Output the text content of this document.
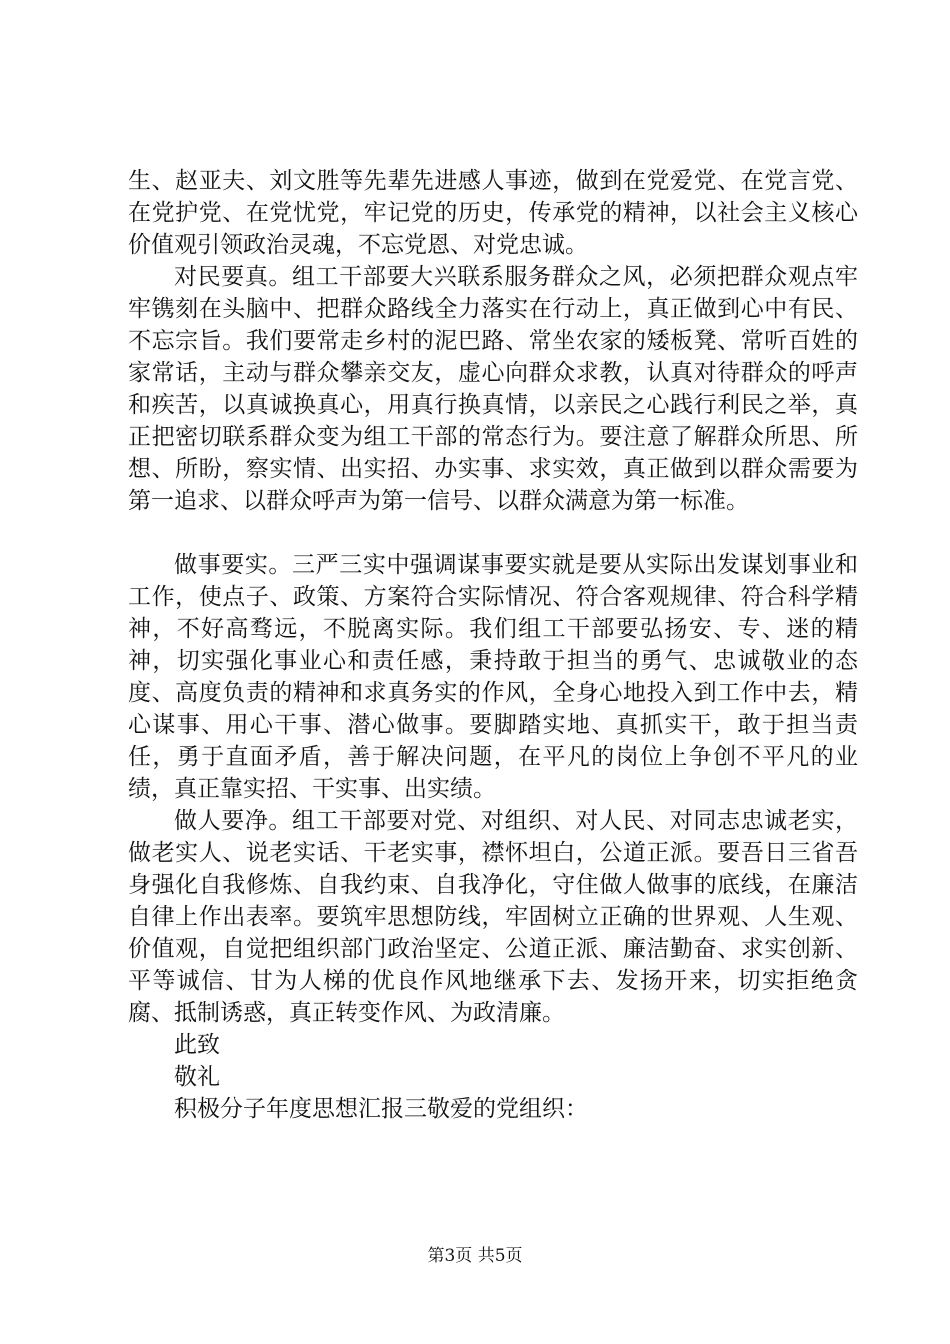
生、赵亚夫、刘文胜等先辈先进感人事迹，做到在党爱党、在党言党、在党护党、在党忧党，牢记党的历史，传承党的精神，以社会主义核心价值观引领政治灵魂，不忘党恩、对党忠诚。

对民要真。组工干部要大兴联系服务群众之风，必须把群众观点牢牢镌刻在头脑中、把群众路线全力落实在行动上，真正做到心中有民、不忘宗旨。我们要常走乡村的泥巴路、常坐农家的矮板凳、常听百姓的家常话，主动与群众攀亲交友，虚心向群众求教，认真对待群众的呼声和疾苦，以真诚换真心，用真行换真情，以亲民之心践行利民之举，真正把密切联系群众变为组工干部的常态行为。要注意了解群众所思、所想、所盼，察实情、出实招、办实事、求实效，真正做到以群众需要为第一追求、以群众呼声为第一信号、以群众满意为第一标准。

做事要实。三严三实中强调谋事要实就是要从实际出发谋划事业和工作，使点子、政策、方案符合实际情况、符合客观规律、符合科学精神，不好高骛远，不脱离实际。我们组工干部要弘扬安、专、迷的精神，切实强化事业心和责任感，秉持敢于担当的勇气、忠诚敬业的态度、高度负责的精神和求真务实的作风，全身心地投入到工作中去，精心谋事、用心干事、潜心做事。要脚踏实地、真抓实干，敢于担当责任，勇于直面矛盾，善于解决问题，在平凡的岗位上争创不平凡的业绩，真正靠实招、干实事、出实绩。

做人要净。组工干部要对党、对组织、对人民、对同志忠诚老实，做老实人、说老实话、干老实事，襟怀坦白，公道正派。要吾日三省吾身强化自我修炼、自我约束、自我净化，守住做人做事的底线，在廉洁自律上作出表率。要筑牢思想防线，牢固树立正确的世界观、人生观、价值观，自觉把组织部门政治坚定、公道正派、廉洁勤奋、求实创新、平等诚信、甘为人梯的优良作风地继承下去、发扬开来，切实拒绝贪腐、抵制诱惑，真正转变作风、为政清廉。

此致

敬礼

积极分子年度思想汇报三敬爱的党组织：

第3页 共5页
